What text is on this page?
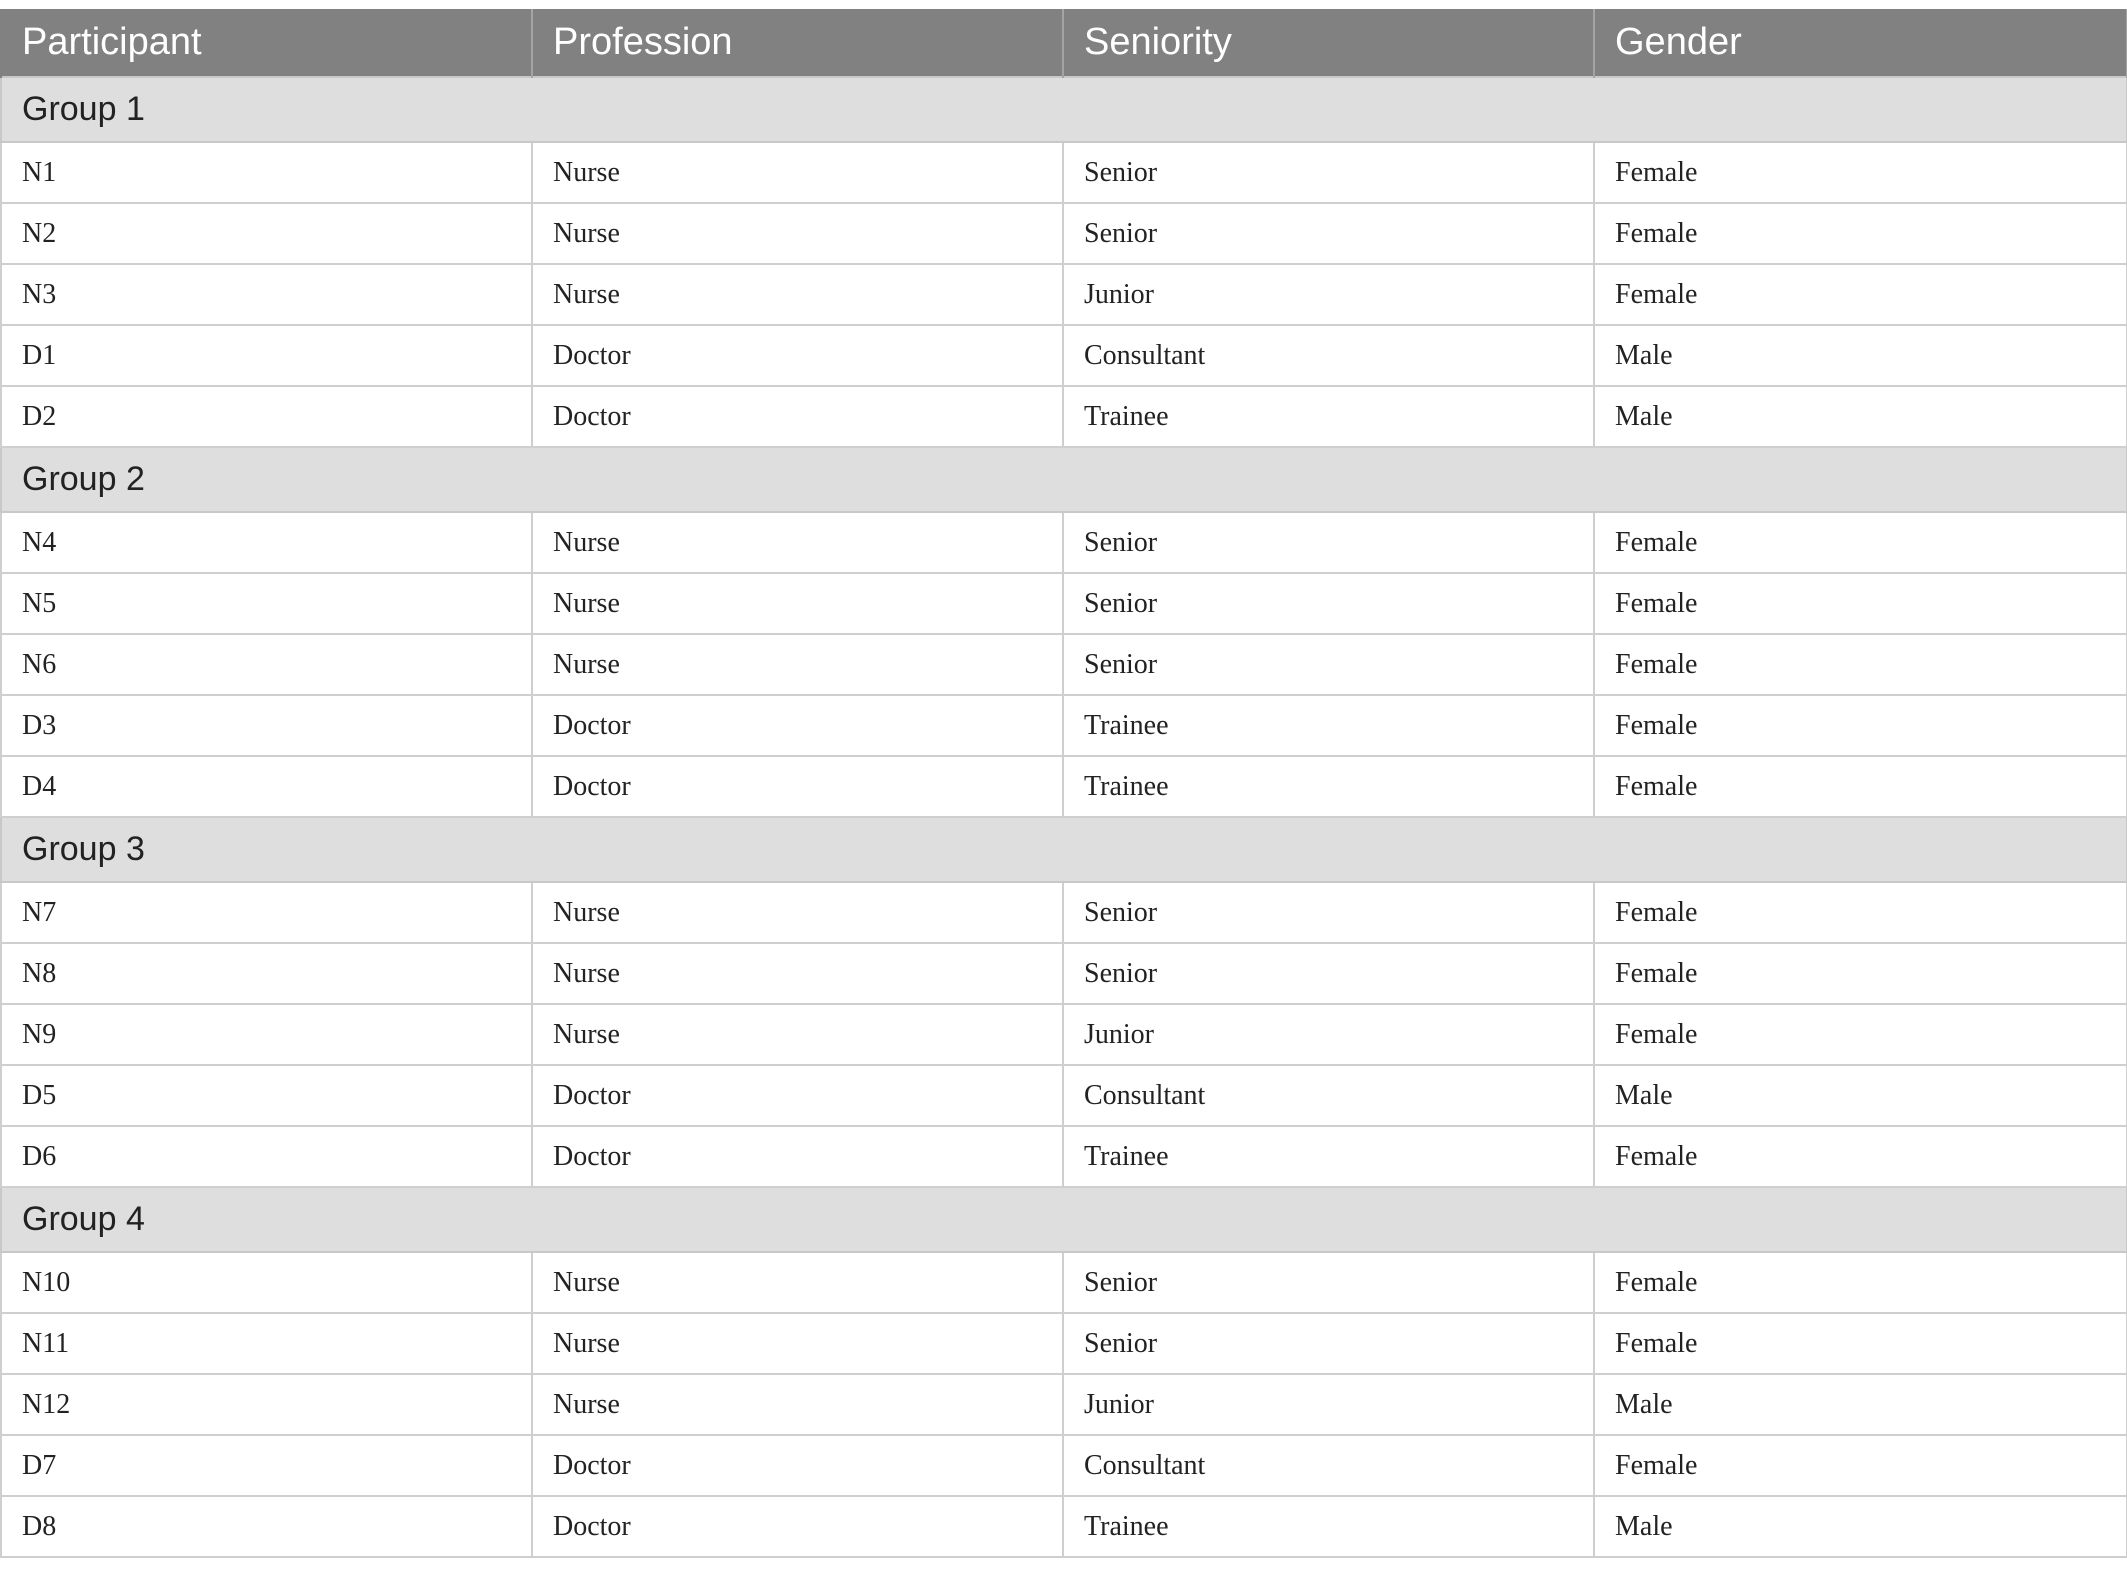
Participant	Profession	Seniority	Gender
Group 1			
N1	Nurse	Senior	Female
N2	Nurse	Senior	Female
N3	Nurse	Junior	Female
D1	Doctor	Consultant	Male
D2	Doctor	Trainee	Male
Group 2			
N4	Nurse	Senior	Female
N5	Nurse	Senior	Female
N6	Nurse	Senior	Female
D3	Doctor	Trainee	Female
D4	Doctor	Trainee	Female
Group 3			
N7	Nurse	Senior	Female
N8	Nurse	Senior	Female
N9	Nurse	Junior	Female
D5	Doctor	Consultant	Male
D6	Doctor	Trainee	Female
Group 4			
N10	Nurse	Senior	Female
N11	Nurse	Senior	Female
N12	Nurse	Junior	Male
D7	Doctor	Consultant	Female
D8	Doctor	Trainee	Male
